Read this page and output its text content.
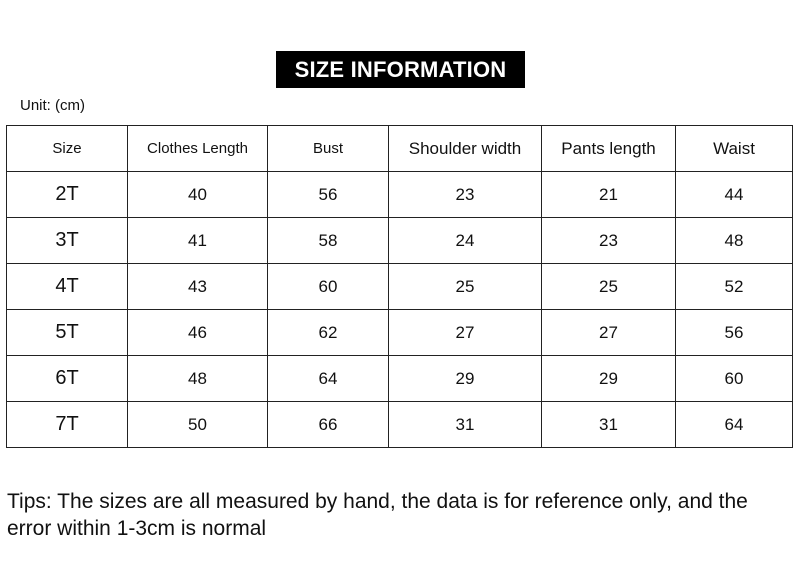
SIZE INFORMATION
Unit: (cm)
Size	Clothes Length	Bust	Shoulder width	Pants length	Waist
2T	40	56	23	21	44
3T	41	58	24	23	48
4T	43	60	25	25	52
5T	46	62	27	27	56
6T	48	64	29	29	60
7T	50	66	31	31	64
Tips: The sizes are all measured by hand, the data is for reference only, and the error within 1-3cm is normal
